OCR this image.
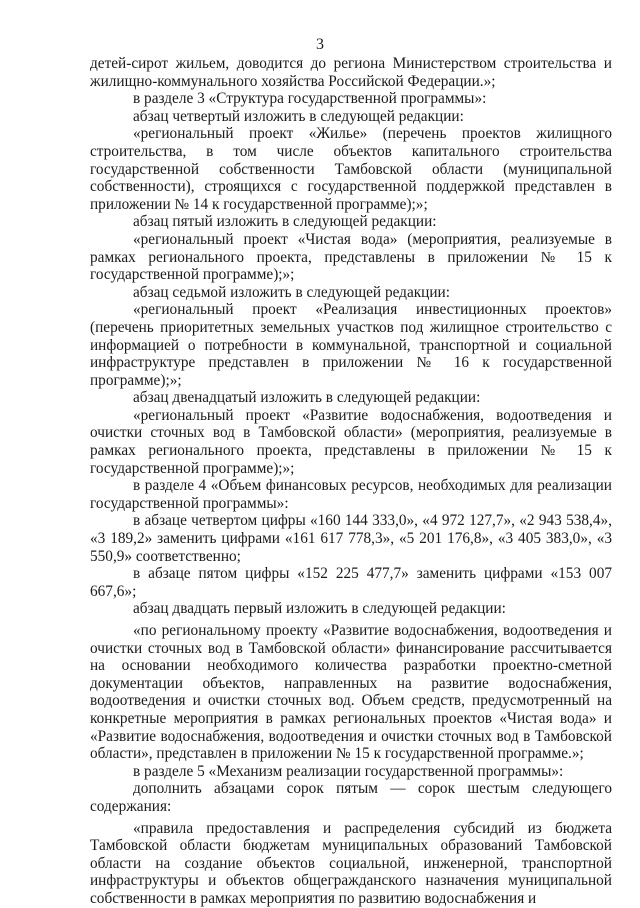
3

детей-сирот жильем, доводится до региона Министерством строительства и жилищно-коммунального хозяйства Российской Федерации.»;

в разделе 3 «Структура государственной программы»:

абзац четвертый изложить в следующей редакции:

«региональный проект «Жилье» (перечень проектов жилищного строительства, в том числе объектов капитального строительства государственной собственности Тамбовской области (муниципальной собственности), строящихся с государственной поддержкой представлен в приложении № 14 к государственной программе);»;

абзац пятый изложить в следующей редакции:

«региональный проект «Чистая вода» (мероприятия, реализуемые в рамках регионального проекта, представлены в приложении № 15 к государственной программе);»;

абзац седьмой изложить в следующей редакции:

«региональный проект «Реализация инвестиционных проектов» (перечень приоритетных земельных участков под жилищное строительство с информацией о потребности в коммунальной, транспортной и социальной инфраструктуре представлен в приложении № 16 к государственной программе);»;

абзац двенадцатый изложить в следующей редакции:

«региональный проект «Развитие водоснабжения, водоотведения и очистки сточных вод в Тамбовской области» (мероприятия, реализуемые в рамках регионального проекта, представлены в приложении № 15 к государственной программе);»;

в разделе 4 «Объем финансовых ресурсов, необходимых для реализации государственной программы»:

в абзаце четвертом цифры «160 144 333,0», «4 972 127,7», «2 943 538,4», «3 189,2» заменить цифрами «161 617 778,3», «5 201 176,8», «3 405 383,0», «3 550,9» соответственно;

в абзаце пятом цифры «152 225 477,7» заменить цифрами «153 007 667,6»;

абзац двадцать первый изложить в следующей редакции:

«по региональному проекту «Развитие водоснабжения, водоотведения и очистки сточных вод в Тамбовской области» финансирование рассчитывается на основании необходимого количества разработки проектно-сметной документации объектов, направленных на развитие водоснабжения, водоотведения и очистки сточных вод. Объем средств, предусмотренный на конкретные мероприятия в рамках региональных проектов «Чистая вода» и «Развитие водоснабжения, водоотведения и очистки сточных вод в Тамбовской области», представлен в приложении № 15 к государственной программе.»;

в разделе 5 «Механизм реализации государственной программы»:

дополнить абзацами сорок пятым — сорок шестым следующего содержания:

«правила предоставления и распределения субсидий из бюджета Тамбовской области бюджетам муниципальных образований Тамбовской области на создание объектов социальной, инженерной, транспортной инфраструктуры и объектов общегражданского назначения муниципальной собственности в рамках мероприятия по развитию водоснабжения и
